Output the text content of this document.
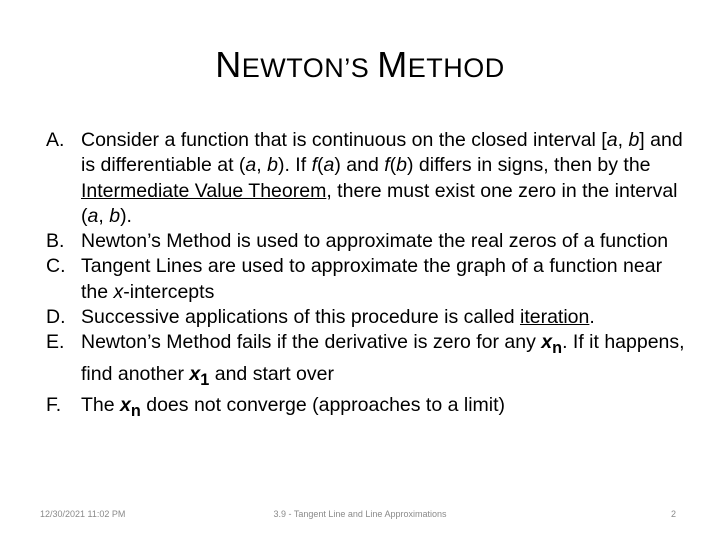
NEWTON’S METHOD
A. Consider a function that is continuous on the closed interval [a, b] and is differentiable at (a, b). If f(a) and f(b) differs in signs, then by the Intermediate Value Theorem, there must exist one zero in the interval (a, b).
B. Newton’s Method is used to approximate the real zeros of a function
C. Tangent Lines are used to approximate the graph of a function near the x-intercepts
D. Successive applications of this procedure is called iteration.
E. Newton’s Method fails if the derivative is zero for any $x_n$. If it happens, find another $x_1$ and start over
F.	The $x_n$ does not converge (approaches to a limit)
12/30/2021 11:02 PM	3.9 - Tangent Line and Line Approximations	2
